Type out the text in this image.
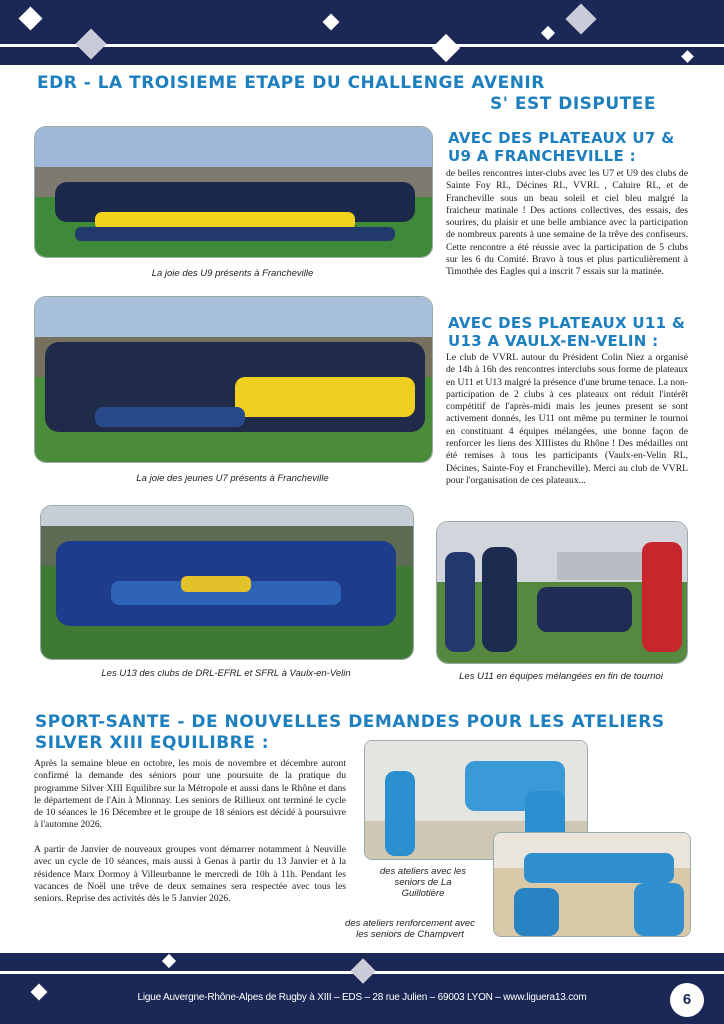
EDR - LA TROISIEME ETAPE DU CHALLENGE AVENIR
S' EST DISPUTEE
La joie des U9 présents à Francheville
La joie des jeunes U7 présents à Francheville
AVEC DES PLATEAUX U7 &
U9 A FRANCHEVILLE :
de belles rencontres inter-clubs avec les U7 et U9 des clubs de Sainte Foy RL, Décines RL, VVRL , Caluire RL, et de Francheville sous un beau soleil et ciel bleu malgré la fraicheur matinale ! Des actions collectives, des essais, des sourires, du plaisir et une belle ambiance avec la participation de nombreux parents à une semaine de la trêve des confiseurs. Cette rencontre a été réussie avec la participation de 5 clubs sur les 6 du Comité. Bravo à tous et plus particulièrement à Timothée des Eagles qui a inscrit 7 essais sur la matinée.
AVEC DES PLATEAUX U11 &
U13 A VAULX-EN-VELIN :
Le club de VVRL autour du Président Colin Niez a organisé de 14h à 16h des rencontres interclubs sous forme de plateaux en U11 et U13 malgré la présence d'une brume tenace. La non-participation de 2 clubs à ces plateaux ont réduit l'intérêt compétitif de l'après-midi mais les jeunes present se sont activement donnés, les U11 ont même pu terminer le tournoi en constituant 4 équipes mélangées, une bonne façon de renforcer les liens des XIIIistes du Rhône ! Des médailles ont été remises à tous les participants (Vaulx-en-Velin RL, Décines, Sainte-Foy et Francheville). Merci au club de VVRL pour l'organisation de ces plateaux...
Les U13 des clubs de DRL-EFRL et SFRL à Vaulx-en-Velin	Les U11 en équipes mélangées en fin de tournoi
SPORT-SANTE - DE NOUVELLES DEMANDES POUR LES ATELIERS
SILVER XIII EQUILIBRE :
Après la semaine bleue en octobre, les mois de novembre et décembre auront confirmé la demande des séniors pour une poursuite de la pratique du programme Silver XIII Equilibre sur la Métropole et aussi dans le Rhône et dans le département de l'Ain à Mionnay. Les seniors de Rillieux ont terminé le cycle de 10 séances le 16 Décembre et le groupe de 18 séniors est décidé à poursuivre à l'automne 2026.
A partir de Janvier de nouveaux groupes vont démarrer notamment à Neuville avec un cycle de 10 séances, mais aussi à Genas à partir du 13 Janvier et à la résidence Marx Dormoy à Villeurbanne le mercredi de 10h à 11h. Pendant les vacances de Noël une trêve de deux semaines sera respectée avec tous les seniors. Reprise des activités dès le 5 Janvier 2026.
des ateliers avec les
seniors de La
Guillotière
des ateliers renforcement avec
les seniors de Champvert
Ligue Auvergne-Rhône-Alpes de Rugby à XIII – EDS – 28 rue Julien – 69003 LYON – www.liguera13.com	6
